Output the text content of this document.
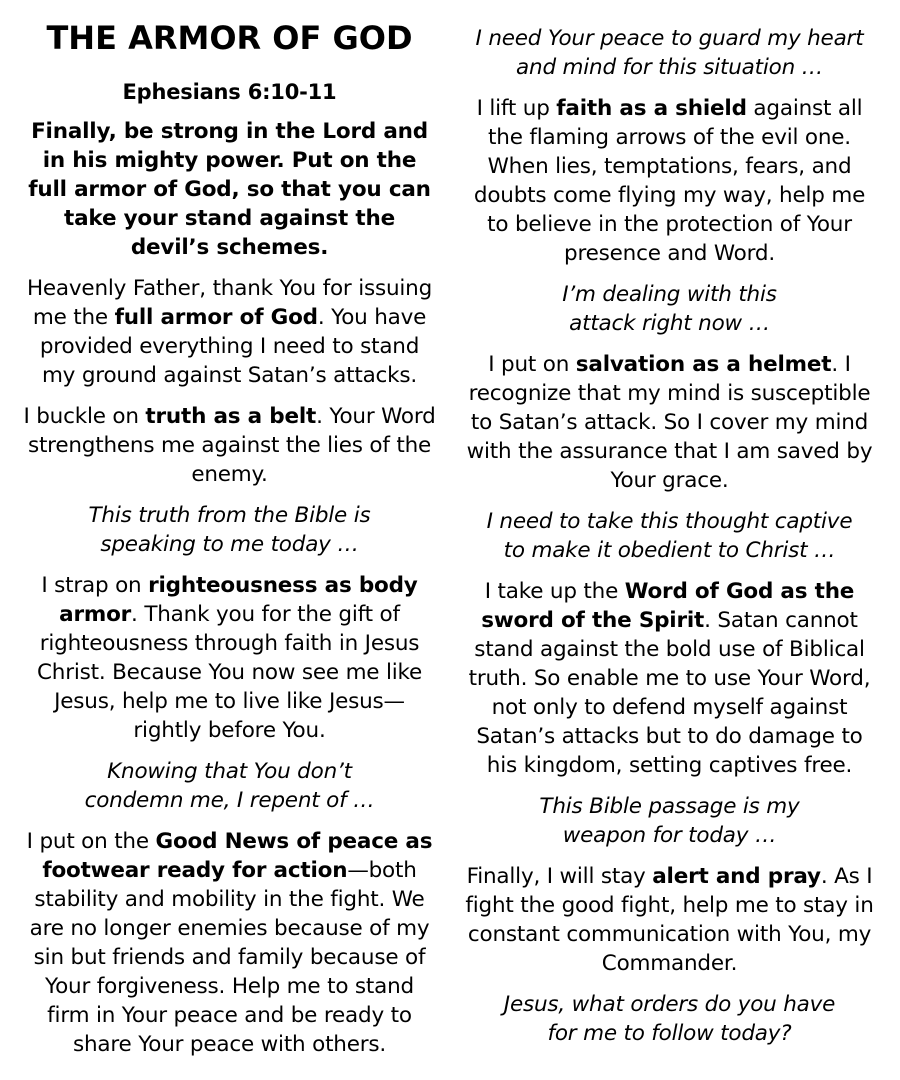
THE ARMOR OF GOD

Ephesians 6:10-11

Finally, be strong in the Lord and in his mighty power. Put on the full armor of God, so that you can take your stand against the devil’s schemes.

Heavenly Father, thank You for issuing me the full armor of God. You have provided everything I need to stand my ground against Satan’s attacks.

I buckle on truth as a belt. Your Word strengthens me against the lies of the enemy.

This truth from the Bible is
speaking to me today …

I strap on righteousness as body armor. Thank you for the gift of righteousness through faith in Jesus Christ. Because You now see me like Jesus, help me to live like Jesus—rightly before You.

Knowing that You don’t
condemn me, I repent of …

I put on the Good News of peace as footwear ready for action—both stability and mobility in the fight. We are no longer enemies because of my sin but friends and family because of Your forgiveness. Help me to stand firm in Your peace and be ready to share Your peace with others.

I need Your peace to guard my heart
and mind for this situation …

I lift up faith as a shield against all the flaming arrows of the evil one. When lies, temptations, fears, and doubts come flying my way, help me to believe in the protection of Your presence and Word.

I’m dealing with this
attack right now …

I put on salvation as a helmet. I recognize that my mind is susceptible to Satan’s attack. So I cover my mind with the assurance that I am saved by Your grace.

I need to take this thought captive
to make it obedient to Christ …

I take up the Word of God as the sword of the Spirit. Satan cannot stand against the bold use of Biblical truth. So enable me to use Your Word, not only to defend myself against Satan’s attacks but to do damage to his kingdom, setting captives free.

This Bible passage is my
weapon for today …

Finally, I will stay alert and pray. As I fight the good fight, help me to stay in constant communication with You, my Commander.

Jesus, what orders do you have
for me to follow today?
